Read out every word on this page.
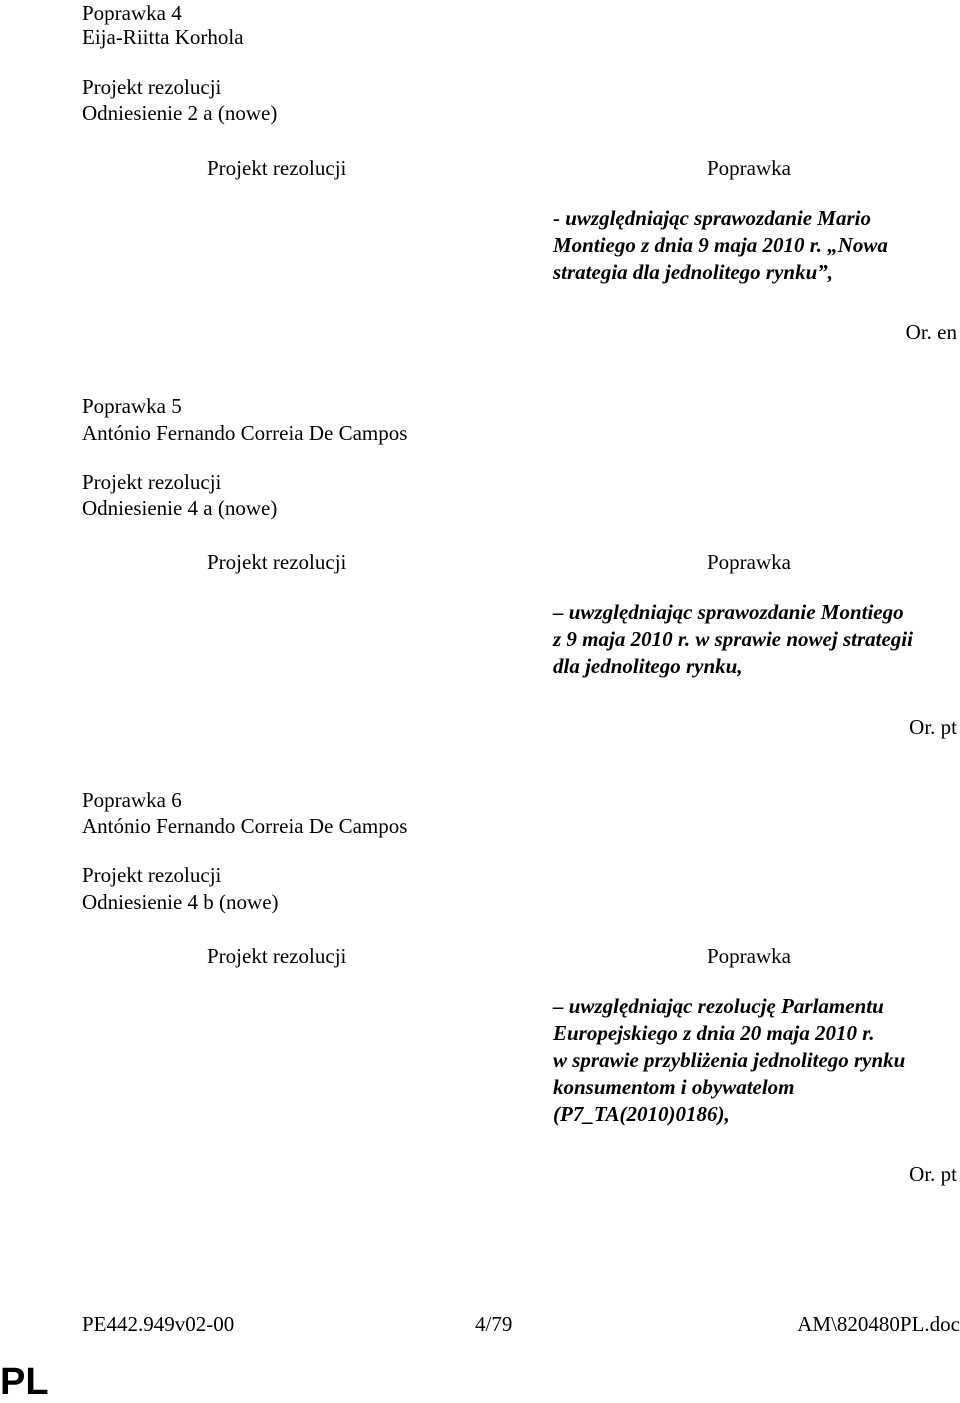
Poprawka 4
Eija-Riitta Korhola
Projekt rezolucji
Odniesienie 2 a (nowe)
Projekt rezolucji	Poprawka
- uwzględniając sprawozdanie Mario
Montiego z dnia 9 maja 2010 r. „Nowa
strategia dla jednolitego rynku”,
Or. en
Poprawka 5
António Fernando Correia De Campos
Projekt rezolucji
Odniesienie 4 a (nowe)
Projekt rezolucji	Poprawka
– uwzględniając sprawozdanie Montiego
z 9 maja 2010 r. w sprawie nowej strategii
dla jednolitego rynku,
Or. pt
Poprawka 6
António Fernando Correia De Campos
Projekt rezolucji
Odniesienie 4 b (nowe)
Projekt rezolucji	Poprawka
– uwzględniając rezolucję Parlamentu
Europejskiego z dnia 20 maja 2010 r.
w sprawie przybliżenia jednolitego rynku
konsumentom i obywatelom
(P7_TA(2010)0186),
Or. pt
PE442.949v02-00	4/79	AM\820480PL.doc
PL
